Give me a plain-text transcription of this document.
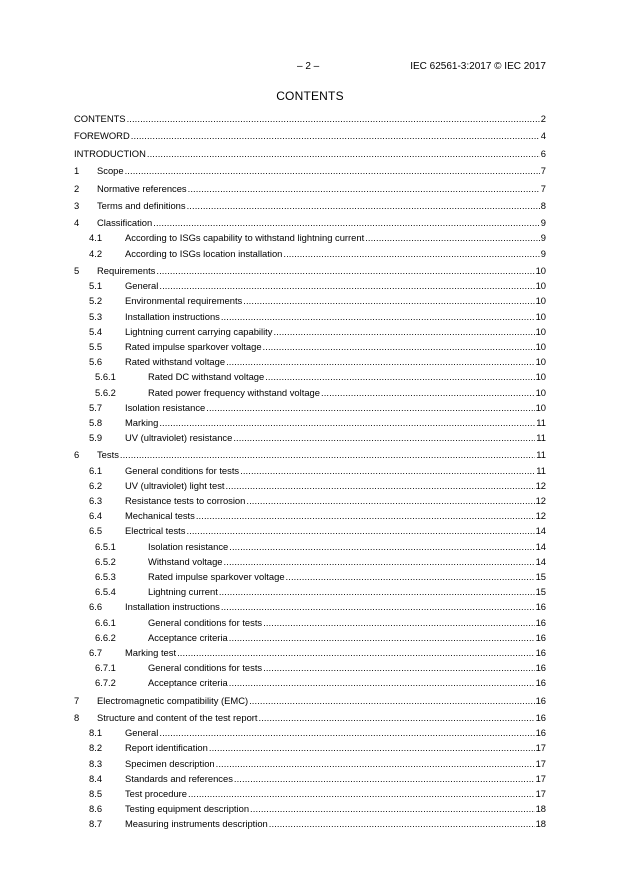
– 2 –	IEC 62561-3:2017 © IEC 2017
CONTENTS
CONTENTS .....	2
FOREWORD .....	4
INTRODUCTION .....	6
1	Scope .....	7
2	Normative references .....	7
3	Terms and definitions .....	8
4	Classification .....	9
4.1	According to ISGs capability to withstand lightning current .....	9
4.2	According to ISGs location installation .....	9
5	Requirements .....	10
5.1	General .....	10
5.2	Environmental requirements .....	10
5.3	Installation instructions .....	10
5.4	Lightning current carrying capability .....	10
5.5	Rated impulse sparkover voltage .....	10
5.6	Rated withstand voltage .....	10
5.6.1	Rated DC withstand voltage .....	10
5.6.2	Rated power frequency withstand voltage .....	10
5.7	Isolation resistance .....	10
5.8	Marking .....	11
5.9	UV (ultraviolet) resistance .....	11
6	Tests .....	11
6.1	General conditions for tests .....	11
6.2	UV (ultraviolet) light test .....	12
6.3	Resistance tests to corrosion .....	12
6.4	Mechanical tests .....	12
6.5	Electrical tests .....	14
6.5.1	Isolation resistance .....	14
6.5.2	Withstand voltage .....	14
6.5.3	Rated impulse sparkover voltage .....	15
6.5.4	Lightning current .....	15
6.6	Installation instructions .....	16
6.6.1	General conditions for tests .....	16
6.6.2	Acceptance criteria .....	16
6.7	Marking test .....	16
6.7.1	General conditions for tests .....	16
6.7.2	Acceptance criteria .....	16
7	Electromagnetic compatibility (EMC) .....	16
8	Structure and content of the test report .....	16
8.1	General .....	16
8.2	Report identification .....	17
8.3	Specimen description .....	17
8.4	Standards and references .....	17
8.5	Test procedure .....	17
8.6	Testing equipment description .....	18
8.7	Measuring instruments description .....	18
